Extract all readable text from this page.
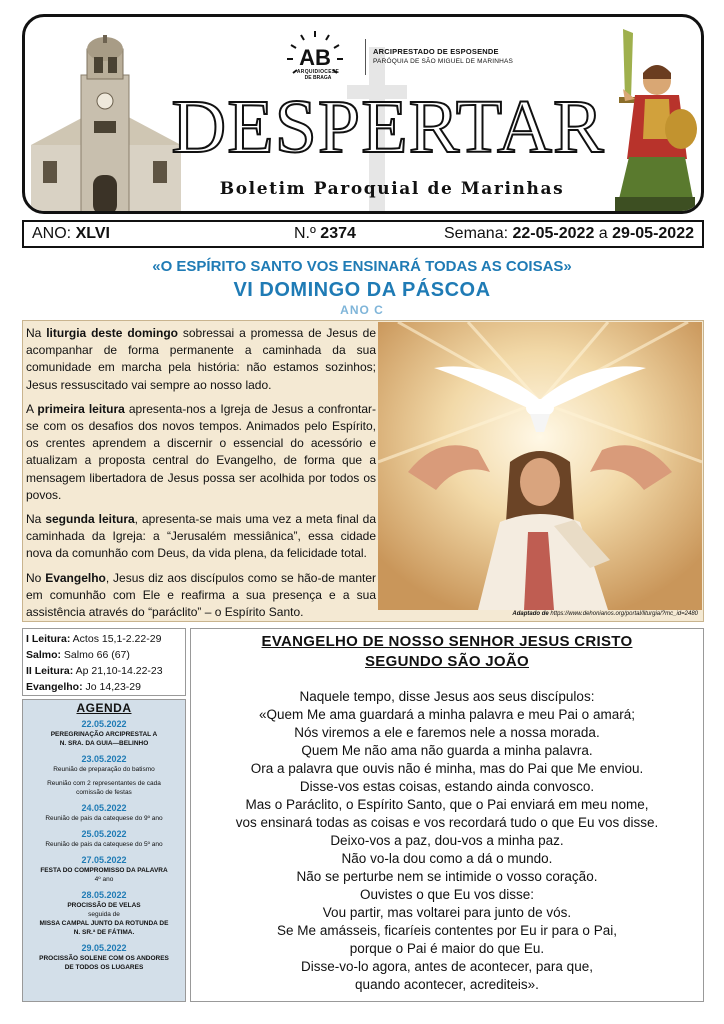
AB
ARQUIDIOCESE
DE BRAGA
ARCIPRESTADO DE ESPOSENDE
PARÓQUIA DE SÃO MIGUEL DE MARINHAS
DESPERTAR
Boletim Paroquial de Marinhas
ANO: XLVI	N.º 2374	Semana: 22-05-2022 a 29-05-2022
«O ESPÍRITO SANTO VOS ENSINARÁ TODAS AS COISAS»
VI DOMINGO DA PÁSCOA
ANO C

Na liturgia deste domingo sobressai a promessa de Jesus de acompanhar de forma permanente a caminhada da sua comunidade em marcha pela história: não estamos sozinhos; Jesus ressuscitado vai sempre ao nosso lado.

A primeira leitura apresenta-nos a Igreja de Jesus a confrontar-se com os desafios dos novos tempos. Animados pelo Espírito, os crentes aprendem a discernir o essencial do acessório e atualizam a proposta central do Evangelho, de forma que a mensagem libertadora de Jesus possa ser acolhida por todos os povos.

Na segunda leitura, apresenta-se mais uma vez a meta final da caminhada da Igreja: a “Jerusalém messiânica”, essa cidade nova da comunhão com Deus, da vida plena, da felicidade total.

No Evangelho, Jesus diz aos discípulos como se hão-de manter em comunhão com Ele e reafirma a sua presença e a sua assistência através do “paráclito” – o Espírito Santo.	Adaptado de https://www.dehonianos.org/portal/liturgia/?mc_id=2480
I Leitura: Actos 15,1-2.22-29
Salmo: Salmo 66 (67)
II Leitura: Ap 21,10-14.22-23
Evangelho: Jo 14,23-29
AGENDA
22.05.2022
PEREGRINAÇÃO ARCIPRESTAL A
N. SRA. DA GUIA—BELINHO
23.05.2022
Reunião de preparação do batismo
Reunião com 2 representantes de cada
comissão de festas
24.05.2022
Reunião de pais da catequese do 9º ano
25.05.2022
Reunião de pais da catequese do 5º ano
27.05.2022
FESTA DO COMPROMISSO DA PALAVRA
4º ano
28.05.2022
PROCISSÃO DE VELAS
seguida de
MISSA CAMPAL JUNTO DA ROTUNDA DE
N. SR.ª DE FÁTIMA.
29.05.2022
PROCISSÃO SOLENE COM OS ANDORES
DE TODOS OS LUGARES
EVANGELHO DE NOSSO SENHOR JESUS CRISTO
SEGUNDO SÃO JOÃO
Naquele tempo, disse Jesus aos seus discípulos:
«Quem Me ama guardará a minha palavra e meu Pai o amará;
Nós viremos a ele e faremos nele a nossa morada.
Quem Me não ama não guarda a minha palavra.
Ora a palavra que ouvis não é minha, mas do Pai que Me enviou.
Disse-vos estas coisas, estando ainda convosco.
Mas o Paráclito, o Espírito Santo, que o Pai enviará em meu nome,
vos ensinará todas as coisas e vos recordará tudo o que Eu vos disse.
Deixo-vos a paz, dou-vos a minha paz.
Não vo-la dou como a dá o mundo.
Não se perturbe nem se intimide o vosso coração.
Ouvistes o que Eu vos disse:
Vou partir, mas voltarei para junto de vós.
Se Me amásseis, ficaríeis contentes por Eu ir para o Pai,
porque o Pai é maior do que Eu.
Disse-vo-lo agora, antes de acontecer, para que,
quando acontecer, acrediteis».
